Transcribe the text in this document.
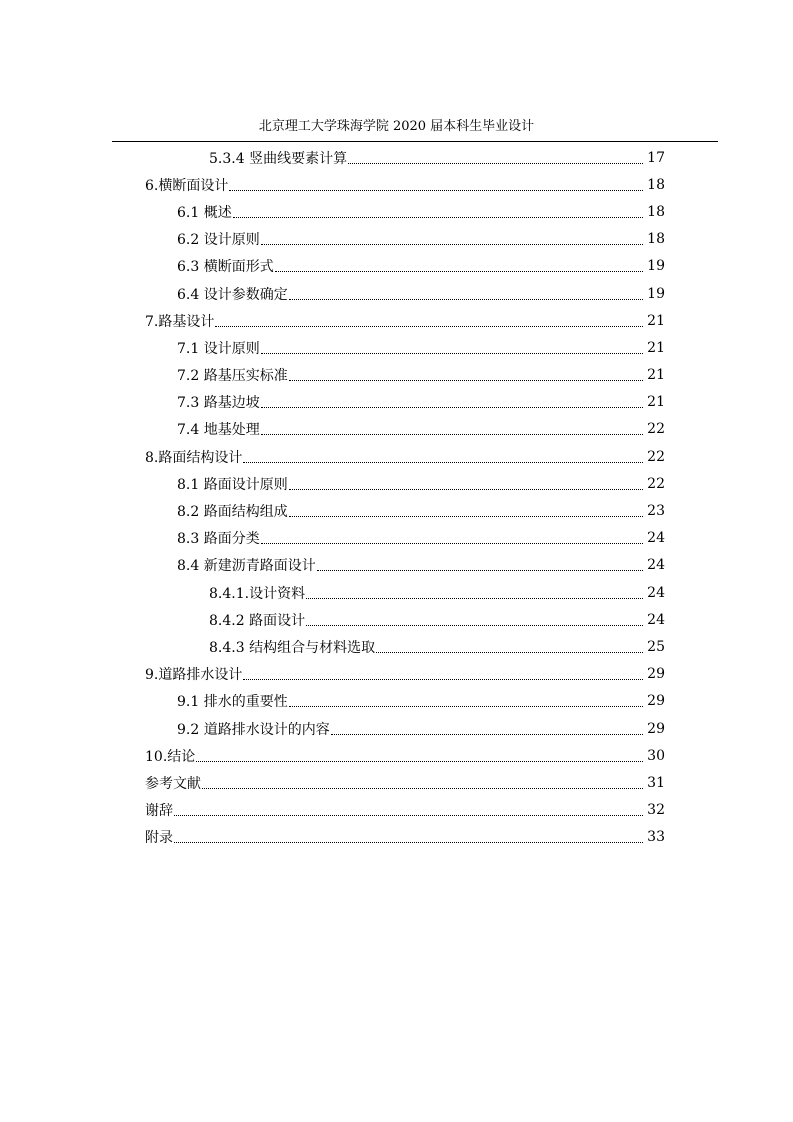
北京理工大学珠海学院 2020 届本科生毕业设计
5.3.4 竖曲线要素计算	17
6.横断面设计	18
6.1 概述	18
6.2 设计原则	18
6.3 横断面形式	19
6.4 设计参数确定	19
7.路基设计	21
7.1 设计原则	21
7.2 路基压实标准	21
7.3 路基边坡	21
7.4 地基处理	22
8.路面结构设计	22
8.1 路面设计原则	22
8.2 路面结构组成	23
8.3 路面分类	24
8.4 新建沥青路面设计	24
8.4.1.设计资料	24
8.4.2 路面设计	24
8.4.3 结构组合与材料选取	25
9.道路排水设计	29
9.1 排水的重要性	29
9.2 道路排水设计的内容	29
10.结论	30
参考文献	31
谢辞	32
附录	33
